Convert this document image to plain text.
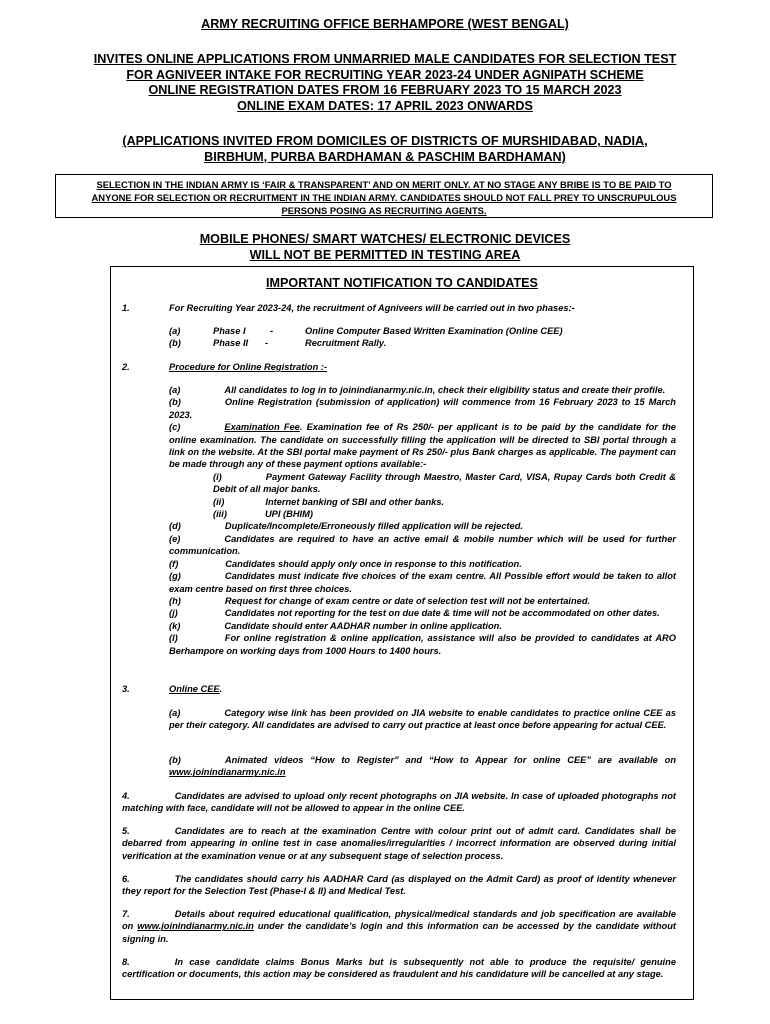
ARMY RECRUITING OFFICE BERHAMPORE (WEST BENGAL)
INVITES ONLINE APPLICATIONS FROM UNMARRIED MALE CANDIDATES FOR SELECTION TEST
FOR AGNIVEER INTAKE FOR RECRUITING YEAR 2023-24 UNDER AGNIPATH SCHEME
ONLINE REGISTRATION DATES FROM 16 FEBRUARY 2023 TO 15 MARCH 2023
ONLINE EXAM DATES: 17 APRIL 2023 ONWARDS
(APPLICATIONS INVITED FROM DOMICILES OF DISTRICTS OF MURSHIDABAD, NADIA,
BIRBHUM, PURBA BARDHAMAN & PASCHIM BARDHAMAN)
SELECTION IN THE INDIAN ARMY IS ‘FAIR & TRANSPARENT’ AND ON MERIT ONLY. AT NO STAGE ANY BRIBE IS TO BE PAID TO
ANYONE FOR SELECTION OR RECRUITMENT IN THE INDIAN ARMY. CANDIDATES SHOULD NOT FALL PREY TO UNSCRUPULOUS
PERSONS POSING AS RECRUITING AGENTS.
MOBILE PHONES/ SMART WATCHES/ ELECTRONIC DEVICES
WILL NOT BE PERMITTED IN TESTING AREA
IMPORTANT NOTIFICATION TO CANDIDATES
1.	For Recruiting Year 2023-24, the recruitment of Agniveers will be carried out in two phases:-
(a)	Phase I	-	Online Computer Based Written Examination (Online CEE)
(b)	Phase II -	Recruitment Rally.
2.	Procedure for Online Registration :-
(a)	All candidates to log in to joinindianarmy.nic.in, check their eligibility status and create their profile.
(b)	Online Registration (submission of application) will commence from 16 February 2023 to 15 March 2023.
(c)	Examination Fee. Examination fee of Rs 250/- per applicant is to be paid by the candidate for the online examination. The candidate on successfully filling the application will be directed to SBI portal through a link on the website. At the SBI portal make payment of Rs 250/- plus Bank charges as applicable. The payment can be made through any of these payment options available:-
(i)	Payment Gateway Facility through Maestro, Master Card, VISA, Rupay Cards both Credit & Debit of all major banks.
(ii)	Internet banking of SBI and other banks.
(iii)	UPI (BHIM)
(d)	Duplicate/Incomplete/Erroneously filled application will be rejected.
(e)	Candidates are required to have an active email & mobile number which will be used for further communication.
(f)	Candidates should apply only once in response to this notification.
(g)	Candidates must indicate five choices of the exam centre. All Possible effort would be taken to allot exam centre based on first three choices.
(h)	Request for change of exam centre or date of selection test will not be entertained.
(j)	Candidates not reporting for the test on due date & time will not be accommodated on other dates.
(k)	Candidate should enter AADHAR number in online application.
(l)	For online registration & online application, assistance will also be provided to candidates at ARO Berhampore on working days from 1000 Hours to 1400 hours.
3.	Online CEE.
(a)	Category wise link has been provided on JIA website to enable candidates to practice online CEE as per their category. All candidates are advised to carry out practice at least once before appearing for actual CEE.
(b)	Animated videos “How to Register” and “How to Appear for online CEE” are available on www.joinindianarmy.nic.in
4.	Candidates are advised to upload only recent photographs on JIA website. In case of uploaded photographs not matching with face, candidate will not be allowed to appear in the online CEE.
5.	Candidates are to reach at the examination Centre with colour print out of admit card. Candidates shall be debarred from appearing in online test in case anomalies/irregularities / incorrect information are observed during initial verification at the examination venue or at any subsequent stage of selection process.
6.	The candidates should carry his AADHAR Card (as displayed on the Admit Card) as proof of identity whenever they report for the Selection Test (Phase-I & II) and Medical Test.
7.	Details about required educational qualification, physical/medical standards and job specification are available on www.joinindianarmy.nic.in under the candidate’s login and this information can be accessed by the candidate without signing in.
8.	In case candidate claims Bonus Marks but is subsequently not able to produce the requisite/ genuine certification or documents, this action may be considered as fraudulent and his candidature will be cancelled at any stage.
